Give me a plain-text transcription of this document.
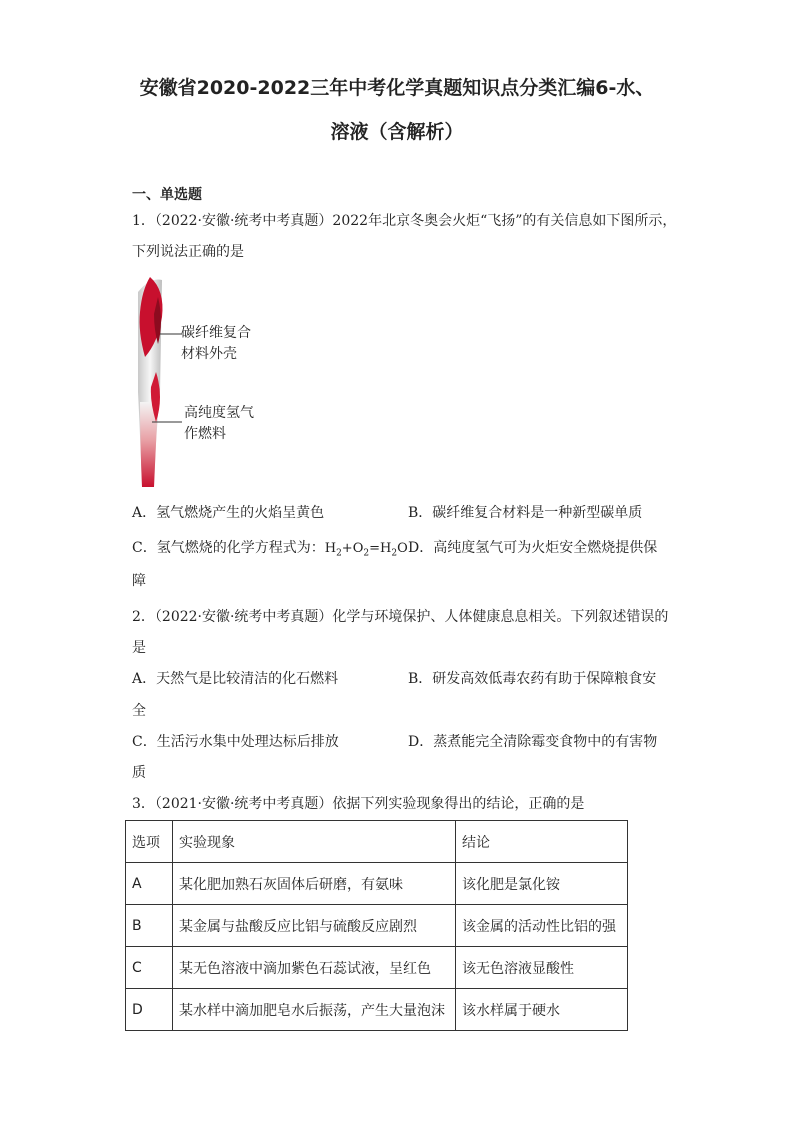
安徽省2020-2022三年中考化学真题知识点分类汇编6-水、
溶液（含解析）
一、单选题
1．（2022·安徽·统考中考真题）2022年北京冬奥会火炬“飞扬”的有关信息如下图所示，
下列说法正确的是
碳纤维复合
材料外壳
高纯度氢气
作燃料
A．氢气燃烧产生的火焰呈黄色	B．碳纤维复合材料是一种新型碳单质
C．氢气燃烧的化学方程式为：$H_2+O_2=H_2O$ D．高纯度氢气可为火炬安全燃烧提供保
障
2．（2022·安徽·统考中考真题）化学与环境保护、人体健康息息相关。下列叙述错误的
是
A．天然气是比较清洁的化石燃料	B．研发高效低毒农药有助于保障粮食安
全
C．生活污水集中处理达标后排放	D．蒸煮能完全清除霉变食物中的有害物
质
3．（2021·安徽·统考中考真题）依据下列实验现象得出的结论，正确的是
选项	实验现象	结论
A	某化肥加熟石灰固体后研磨，有氨味	该化肥是氯化铵
B	某金属与盐酸反应比铝与硫酸反应剧烈	该金属的活动性比铝的强
C	某无色溶液中滴加紫色石蕊试液，呈红色	该无色溶液显酸性
D	某水样中滴加肥皂水后振荡，产生大量泡沫	该水样属于硬水
